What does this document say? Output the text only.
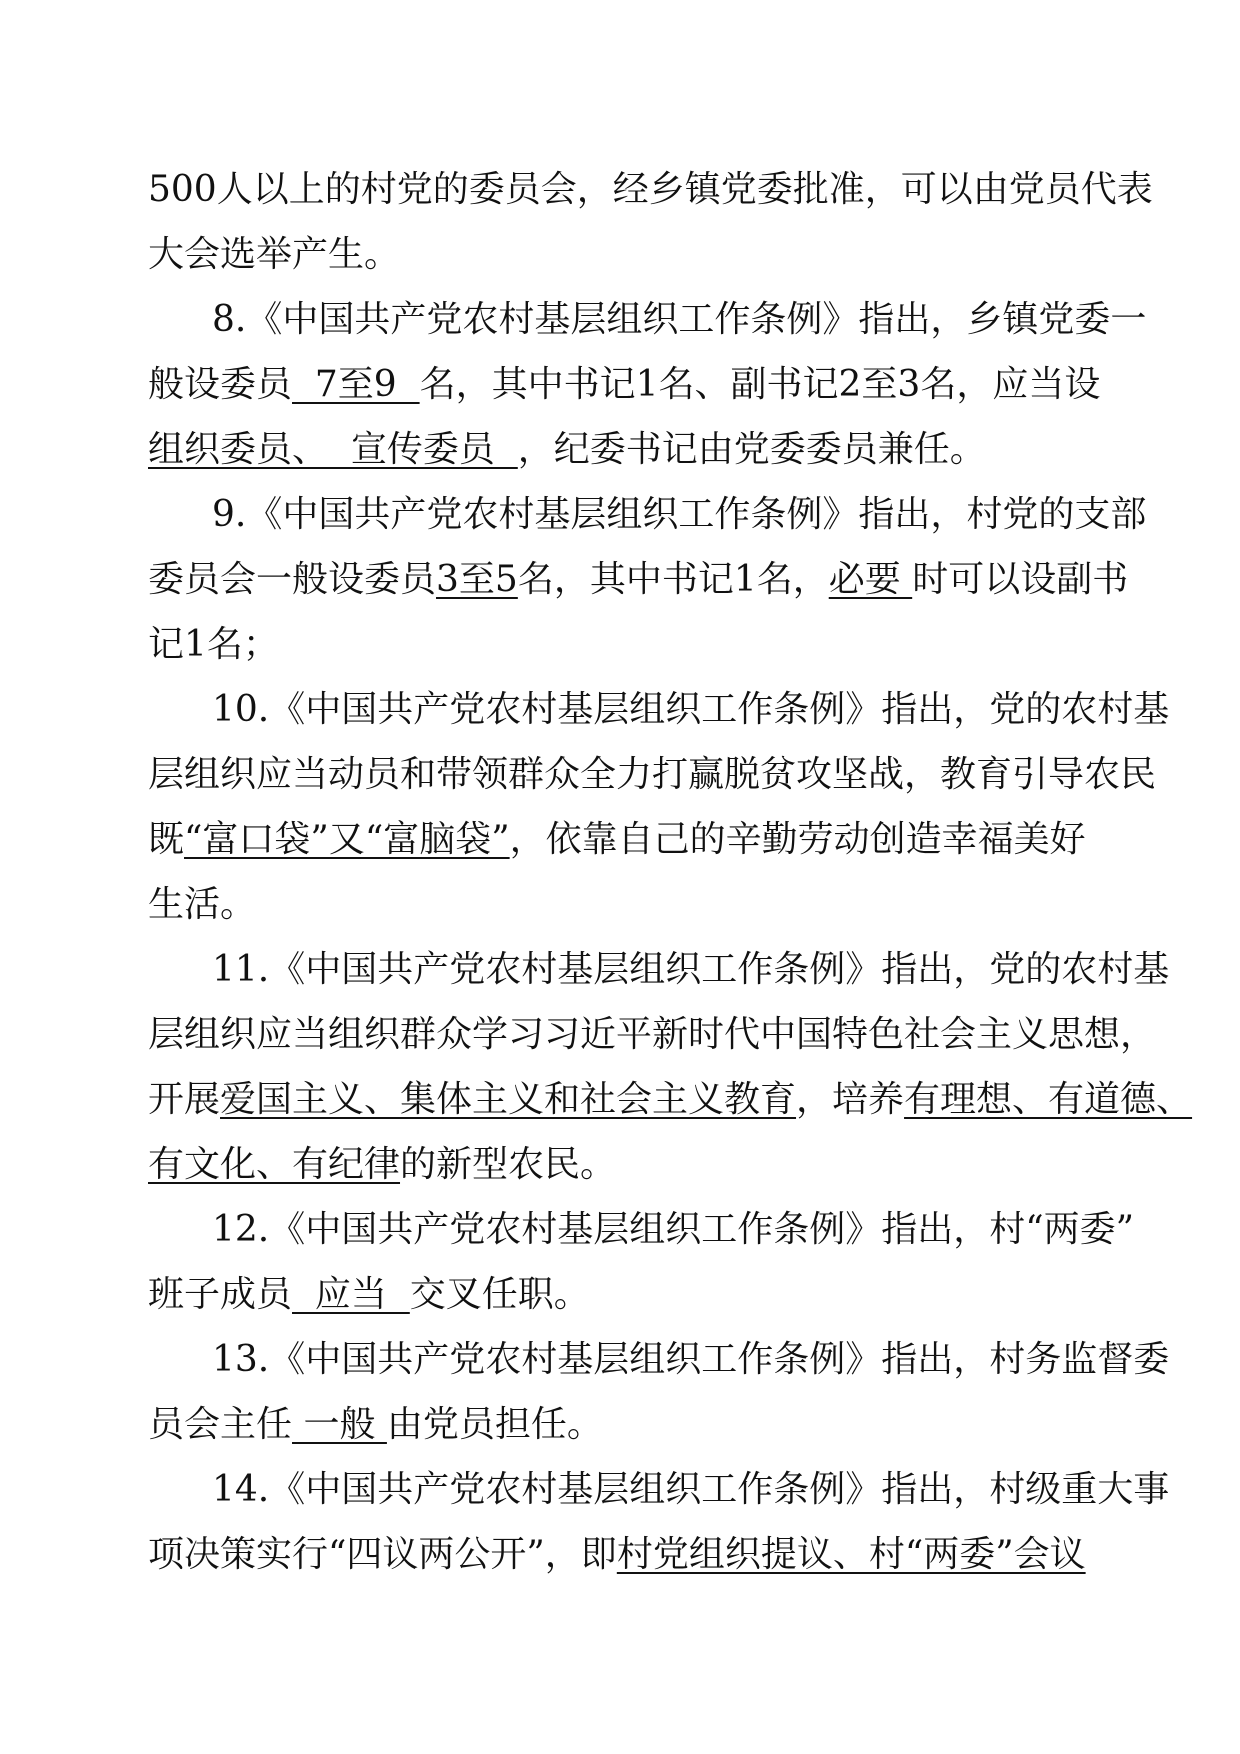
500人以上的村党的委员会，经乡镇党委批准，可以由党员代表
大会选举产生。
8.《中国共产党农村基层组织工作条例》指出，乡镇党委一
般设委员  7至9  名，其中书记1名、副书记2至3名，应当设
组织委员、  宣传委员  ，纪委书记由党委委员兼任。
9.《中国共产党农村基层组织工作条例》指出，村党的支部
委员会一般设委员3至5名，其中书记1名，必要 时可以设副书
记1名；
10.《中国共产党农村基层组织工作条例》指出，党的农村基
层组织应当动员和带领群众全力打赢脱贫攻坚战，教育引导农民
既“富口袋”又“富脑袋”，依靠自己的辛勤劳动创造幸福美好
生活。
11.《中国共产党农村基层组织工作条例》指出，党的农村基
层组织应当组织群众学习习近平新时代中国特色社会主义思想，
开展爱国主义、集体主义和社会主义教育，培养有理想、有道德、
有文化、有纪律的新型农民。
12.《中国共产党农村基层组织工作条例》指出，村“两委”
班子成员  应当  交叉任职。
13.《中国共产党农村基层组织工作条例》指出，村务监督委
员会主任 一般 由党员担任。
14.《中国共产党农村基层组织工作条例》指出，村级重大事
项决策实行“四议两公开”，即村党组织提议、村“两委”会议
